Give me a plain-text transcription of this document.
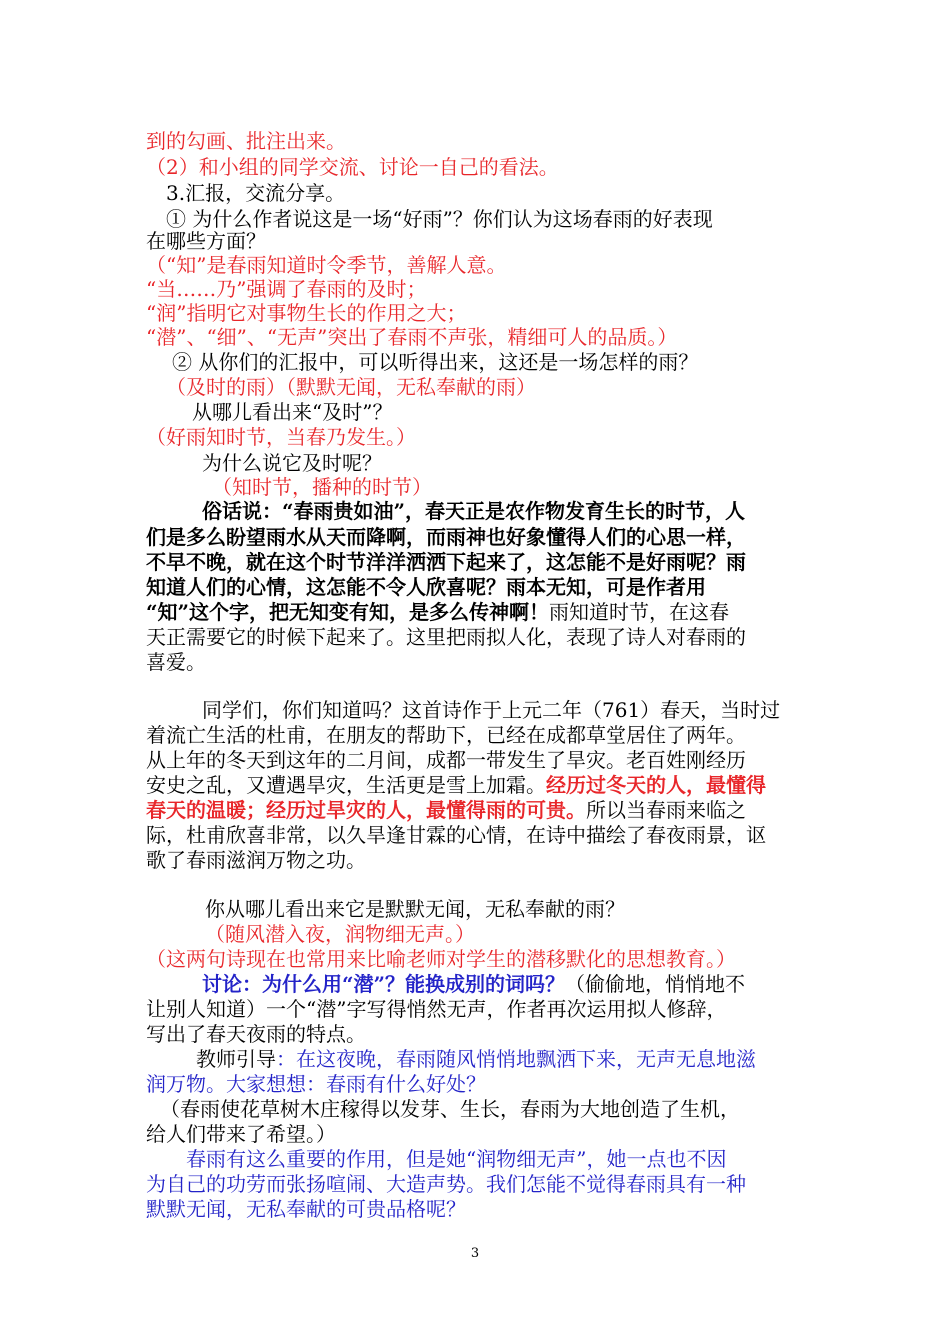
到的勾画、批注出来。
（2）和小组的同学交流、讨论一自己的看法。
3.汇报，交流分享。
① 为什么作者说这是一场“好雨”？你们认为这场春雨的好表现
在哪些方面？
（“知”是春雨知道时令季节，善解人意。
“当……乃”强调了春雨的及时；
“润”指明它对事物生长的作用之大；
“潜”、“细”、“无声”突出了春雨不声张，精细可人的品质。）
② 从你们的汇报中，可以听得出来，这还是一场怎样的雨？
（及时的雨）（默默无闻，无私奉献的雨）
从哪儿看出来“及时”？
（好雨知时节，当春乃发生。）
为什么说它及时呢？
（知时节，播种的时节）
俗话说：“春雨贵如油”，春天正是农作物发育生长的时节，人
们是多么盼望雨水从天而降啊，而雨神也好象懂得人们的心思一样，
不早不晚，就在这个时节洋洋洒洒下起来了，这怎能不是好雨呢？雨
知道人们的心情，这怎能不令人欣喜呢？雨本无知，可是作者用
“知”这个字，把无知变有知，是多么传神啊！雨知道时节，在这春
天正需要它的时候下起来了。这里把雨拟人化，表现了诗人对春雨的
喜爱。
同学们，你们知道吗？这首诗作于上元二年（761）春天，当时过
着流亡生活的杜甫，在朋友的帮助下，已经在成都草堂居住了两年。
从上年的冬天到这年的二月间，成都一带发生了旱灾。老百姓刚经历
安史之乱，又遭遇旱灾，生活更是雪上加霜。经历过冬天的人，最懂得
春天的温暖；经历过旱灾的人，最懂得雨的可贵。所以当春雨来临之
际，杜甫欣喜非常，以久旱逢甘霖的心情，在诗中描绘了春夜雨景，讴
歌了春雨滋润万物之功。
你从哪儿看出来它是默默无闻，无私奉献的雨？
（随风潜入夜，润物细无声。）
（这两句诗现在也常用来比喻老师对学生的潜移默化的思想教育。）
讨论：为什么用“潜”？能换成别的词吗？（偷偷地，悄悄地不
让别人知道）一个“潜”字写得悄然无声，作者再次运用拟人修辞，
写出了春天夜雨的特点。
教师引导：在这夜晚，春雨随风悄悄地飘洒下来，无声无息地滋
润万物。大家想想：春雨有什么好处？
（春雨使花草树木庄稼得以发芽、生长，春雨为大地创造了生机，
给人们带来了希望。）
春雨有这么重要的作用，但是她“润物细无声”，她一点也不因
为自己的功劳而张扬喧闹、大造声势。我们怎能不觉得春雨具有一种
默默无闻，无私奉献的可贵品格呢？
3
